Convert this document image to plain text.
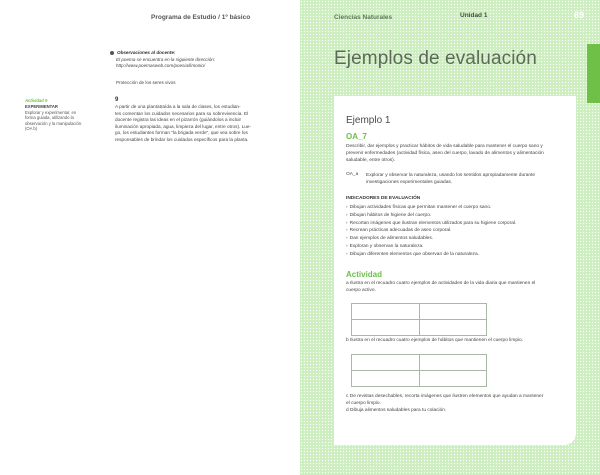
Programa de Estudio / 1º básico
Observaciones al docente:
El poema se encuentra en la siguiente dirección:
http://www.poemasweb.com/poesia/limonio/
Protección de los seres vivos
9
A partir de una plantatraída a la sala de clases, los estudian-
tes comentan los cuidados necesarios para su sobrevivencia. El
docente registra las ideas en el pizarrón (guiándolos a incluir
iluminación apropiada, agua, limpieza del lugar, entre otros). Lue-
go, los estudiantes forman "la brigada verde", que vea sobre los
responsables de brindar los cuidados específicos para la planta.
Actividad 9
EXPERIMENTAR
Explorar y experimentar, en
forma guiada, utilizando la
observación y la manipulación.
(OA b)
Ciencias Naturales	Unidad 1	69
Ejemplos de evaluación
Ejemplo 1
OA_7
Describir, dar ejemplos y practicar hábitos de vida saludable para mantener el cuerpo sano y
prevenir enfermedades (actividad física, aseo del cuerpo, lavado de alimentos y alimentación
saludable, entre otros).
OA_a Explorar y observar la naturaleza, usando los sentidos apropiadamente durante
investigaciones experimentales guiadas.
INDICADORES DE EVALUACIÓN
› Dibujan actividades físicas que permitan mantener el cuerpo sano.
› Dibujan hábitos de higiene del cuerpo.
› Recortan imágenes que ilustran elementos utilizados para su higiene corporal.
› Recrean prácticas adecuadas de aseo corporal.
› Dan ejemplos de alimentos saludables.
› Exploran y observan la naturaleza.
› Dibujan diferentes elementos que observan de la naturaleza.
Actividad
a Ilustra en el recuadro cuatro ejemplos de actividades de la vida diaria que mantienen el
cuerpo activo.

b Ilustra en el recuadro cuatro ejemplos de hábitos que mantienen el cuerpo limpio.

c De revistas desechables, recorta imágenes que ilustren elementos que ayudan a mantener
el cuerpo limpio.
d Dibuja alimentos saludables para tu colación.
